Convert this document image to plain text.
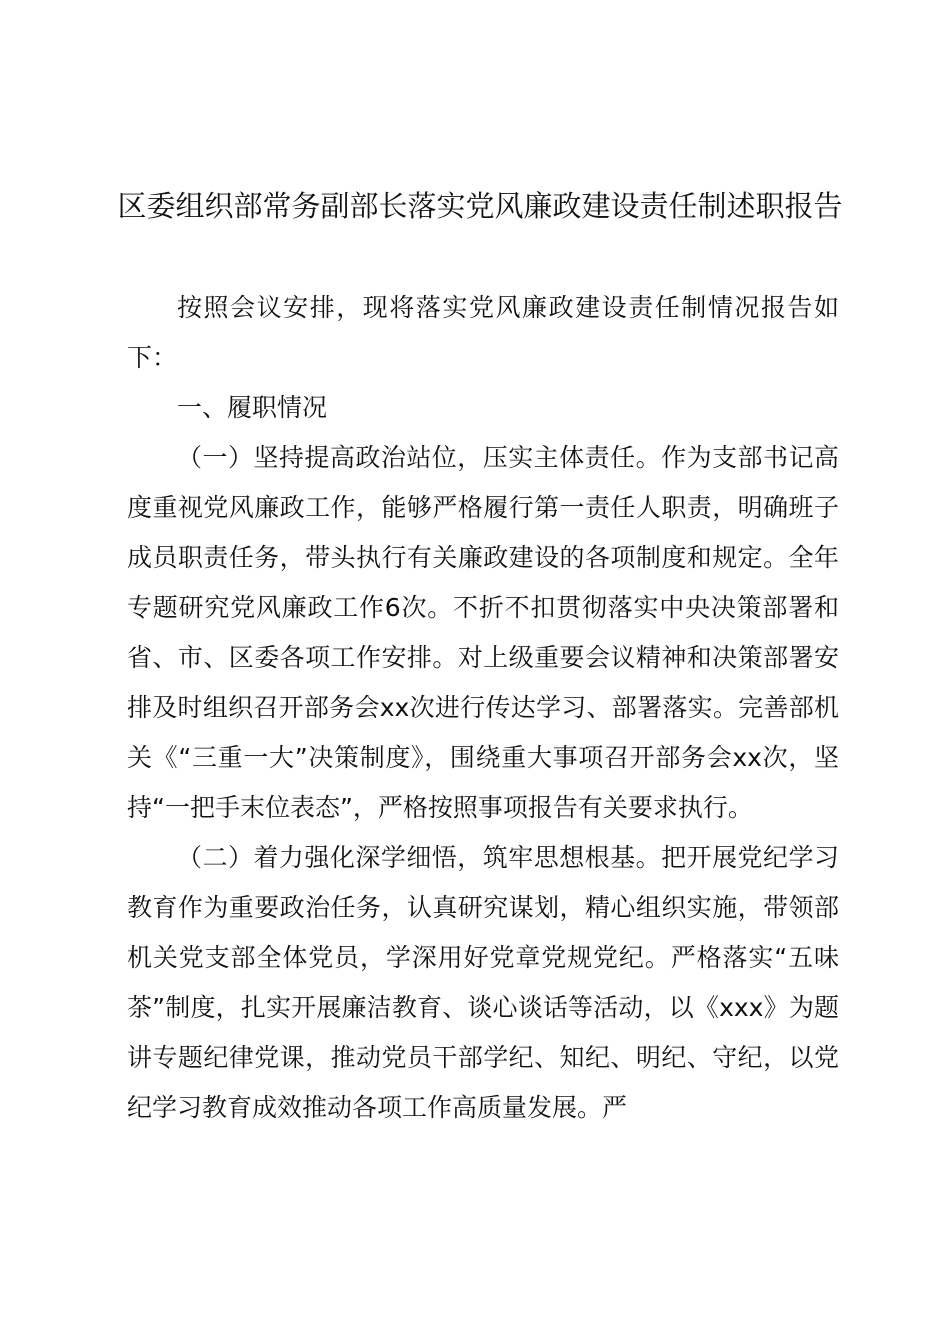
区委组织部常务副部长落实党风廉政建设责任制述职报告

按照会议安排，现将落实党风廉政建设责任制情况报告如下：

一、履职情况

（一）坚持提高政治站位，压实主体责任。作为支部书记高度重视党风廉政工作，能够严格履行第一责任人职责，明确班子成员职责任务，带头执行有关廉政建设的各项制度和规定。全年专题研究党风廉政工作6次。不折不扣贯彻落实中央决策部署和省、市、区委各项工作安排。对上级重要会议精神和决策部署安排及时组织召开部务会xx次进行传达学习、部署落实。完善部机关《“三重一大”决策制度》，围绕重大事项召开部务会xx次，坚持“一把手末位表态”，严格按照事项报告有关要求执行。

（二）着力强化深学细悟，筑牢思想根基。把开展党纪学习教育作为重要政治任务，认真研究谋划，精心组织实施，带领部机关党支部全体党员，学深用好党章党规党纪。严格落实“五味茶”制度，扎实开展廉洁教育、谈心谈话等活动，以《xxx》为题讲专题纪律党课，推动党员干部学纪、知纪、明纪、守纪，以党纪学习教育成效推动各项工作高质量发展。严
